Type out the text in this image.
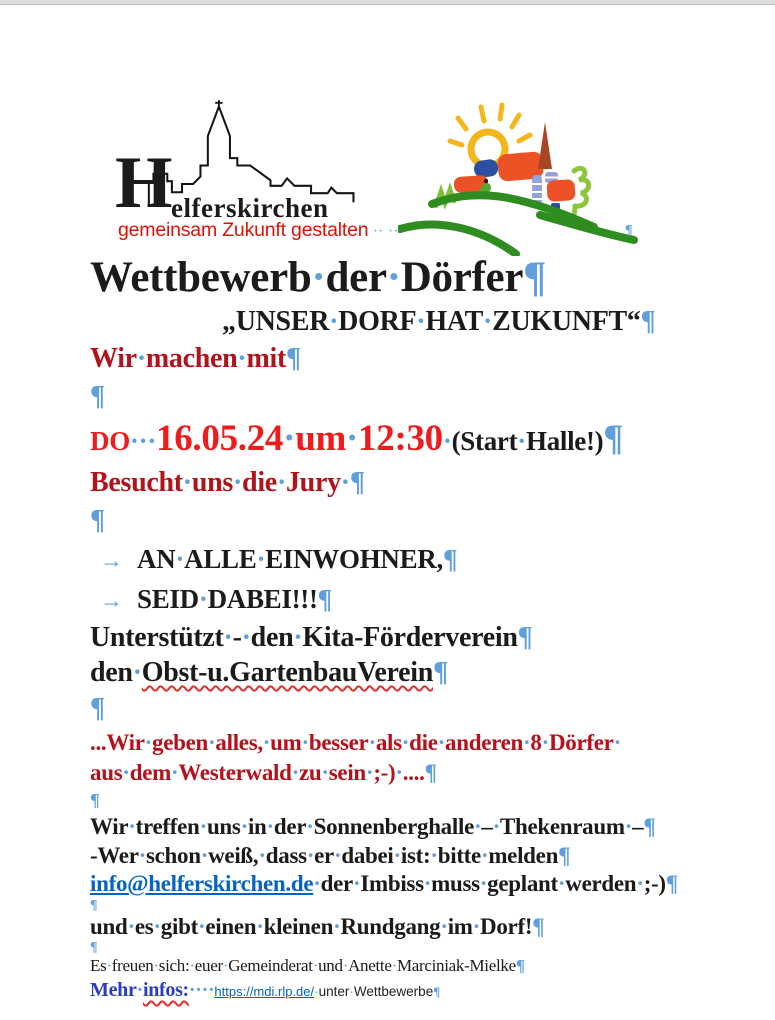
H elferskirchen
gemeinsam Zukunft gestalten
· ·· ··	¶

Wettbewerb·der·Dörfer¶

„UNSER·DORF·HAT·ZUKUNFT“¶

Wir·machen·mit¶

¶

DO···16.05.24·um·12:30·(Start·Halle!)¶

Besucht·uns·die·Jury·¶

¶

→ AN·ALLE·EINWOHNER,¶

→ SEID·DABEI!!!¶

Unterstützt·-·den·Kita-Förderverein¶

den·Obst-u.GartenbauVerein¶

¶

...Wir·geben·alles,·um·besser·als·die·anderen·8·Dörfer·

aus·dem·Westerwald·zu·sein·;-)·....¶

¶

Wir·treffen·uns·in·der·Sonnenberghalle·–·Thekenraum·–¶

-Wer·schon·weiß,·dass·er·dabei·ist:·bitte·melden¶

info@helferskirchen.de·der·Imbiss·muss·geplant·werden·;-)¶

¶

und·es·gibt·einen·kleinen·Rundgang·im·Dorf!¶

¶

Es·freuen·sich:·euer·Gemeinderat·und·Anette·Marciniak-Mielke¶

Mehr·infos:····https://mdi.rlp.de/·unter·Wettbewerbe¶
